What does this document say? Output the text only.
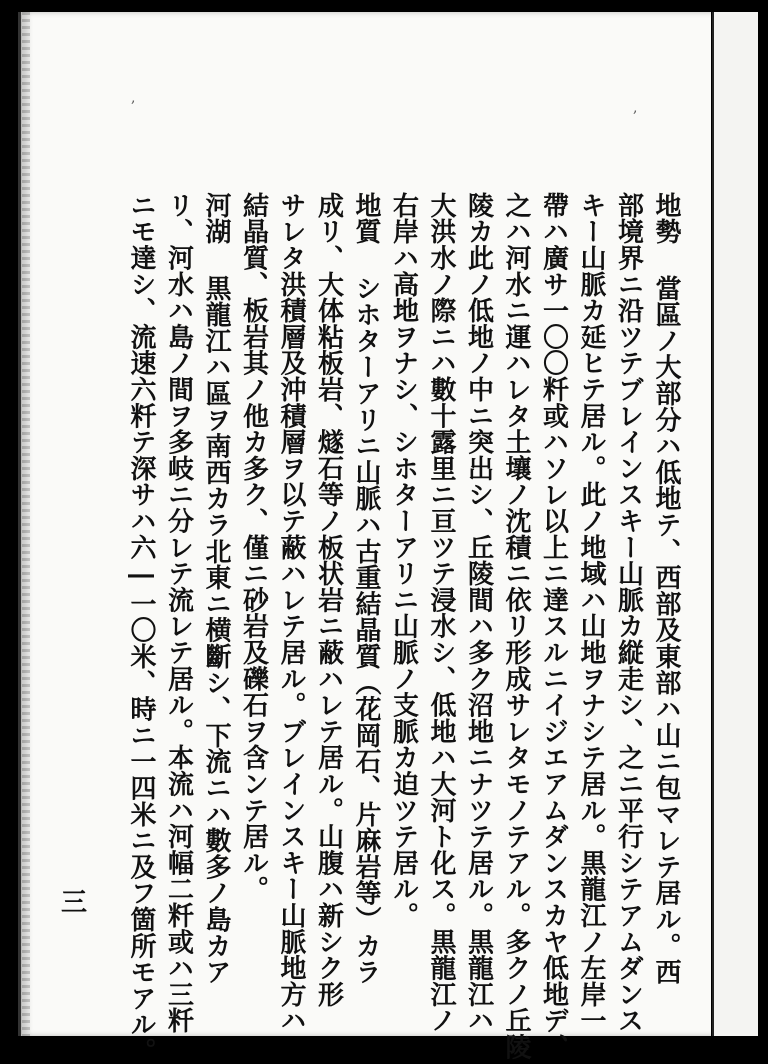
地勢 當區ノ大部分ハ低地テ、西部及東部ハ山ニ包マレテ居ル。西
部境界ニ沿ツテブレインスキー山脈カ縦走シ、之ニ平行シテアムダンス
キー山脈カ延ヒテ居ル。此ノ地域ハ山地ヲナシテ居ル。黒龍江ノ左岸一
帶ハ廣サ一〇〇粁或ハソレ以上ニ達スルニイジエアムダンスカヤ低地デ、
之ハ河水ニ運ハレタ土壤ノ沈積ニ依リ形成サレタモノテアル。多クノ丘陵
陵カ此ノ低地ノ中ニ突出シ、丘陵間ハ多ク沼地ニナツテ居ル。黒龍江ハ
大洪水ノ際ニハ數十露里ニ亘ツテ浸水シ、低地ハ大河ト化ス。黒龍江ノ
右岸ハ高地ヲナシ、シホターアリニ山脈ノ支脈カ迫ツテ居ル。
地質 シホターアリニ山脈ハ古重結晶質（花岡石、片麻岩等）カラ
成リ、大体粘板岩、燧石等ノ板状岩ニ蔽ハレテ居ル。山腹ハ新シク形
サレタ洪積層及沖積層ヲ以テ蔽ハレテ居ル。ブレインスキー山脈地方ハ
結晶質、板岩其ノ他カ多ク、僅ニ砂岩及礫石ヲ含ンテ居ル。
河湖 黒龍江ハ區ヲ南西カラ北東ニ横斷シ、下流ニハ數多ノ島カア
リ、河水ハ島ノ間ヲ多岐ニ分レテ流レテ居ル。本流ハ河幅二粁或ハ三粁
ニモ達シ、流速六粁テ深サハ六―一〇米、時ニ一四米ニ及フ箇所モアル。
三
,
,
